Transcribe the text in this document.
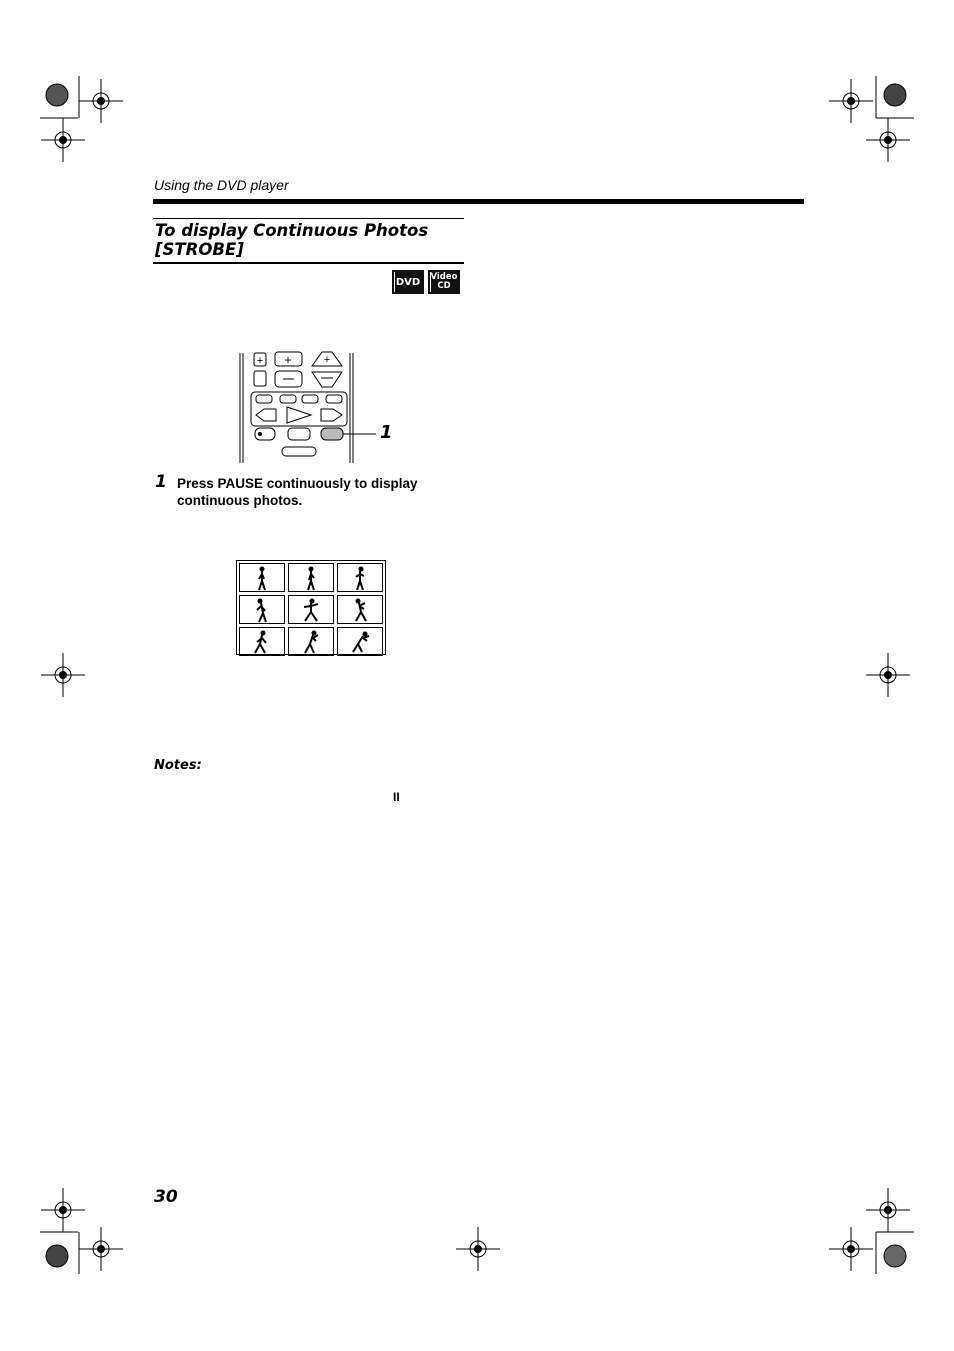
Using the DVD player
To display Continuous Photos [STROBE]
DVD Video
CD
+ +	+
1
1 Press PAUSE continuously to display continuous photos.
Notes:
II
30
